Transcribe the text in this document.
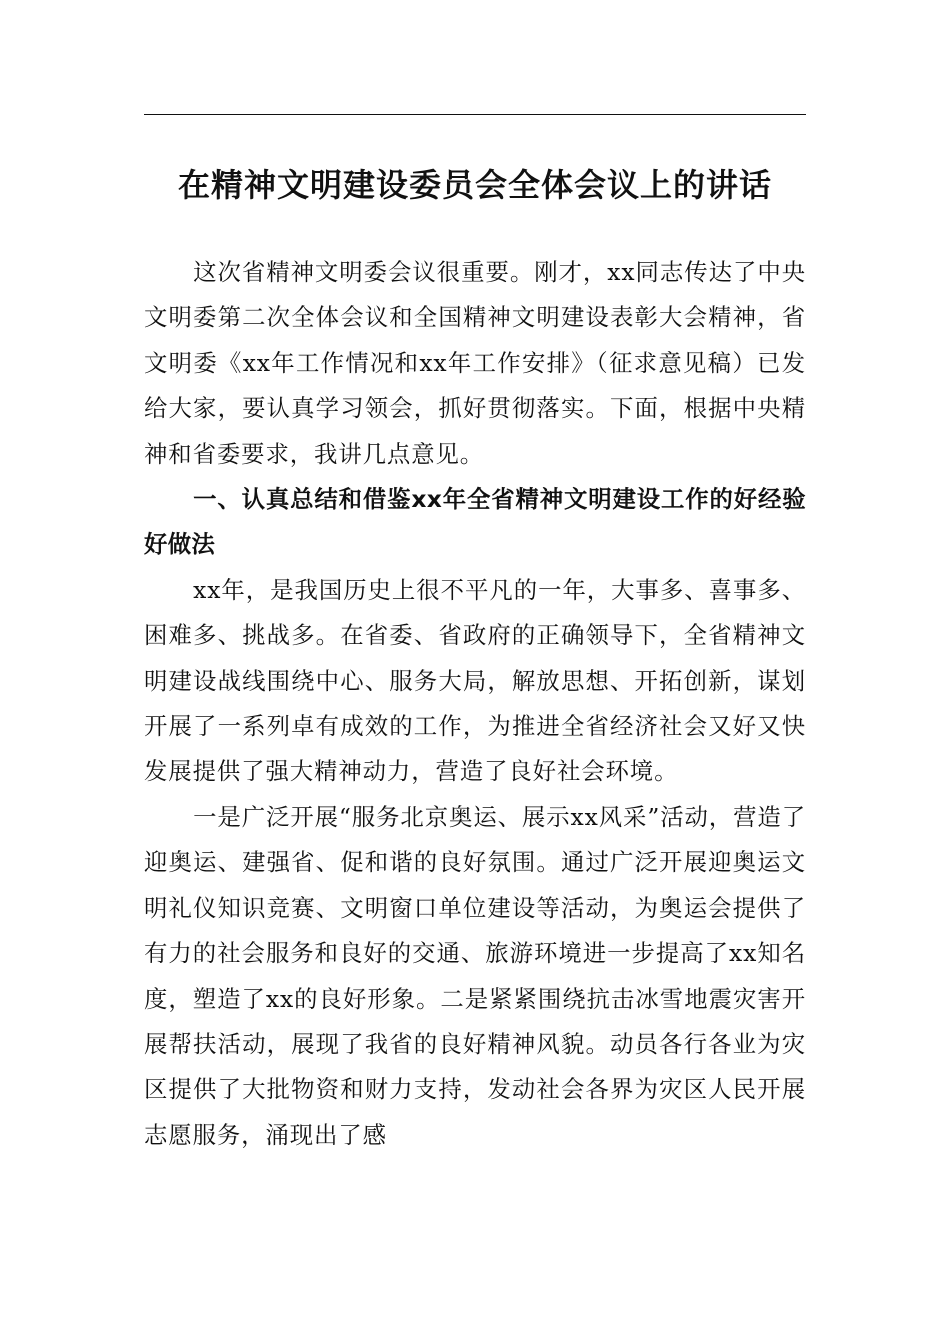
在精神文明建设委员会全体会议上的讲话

这次省精神文明委会议很重要。刚才，xx同志传达了中央文明委第二次全体会议和全国精神文明建设表彰大会精神，省文明委《xx年工作情况和xx年工作安排》（征求意见稿）已发给大家，要认真学习领会，抓好贯彻落实。下面，根据中央精神和省委要求，我讲几点意见。

一、认真总结和借鉴xx年全省精神文明建设工作的好经验好做法

xx年，是我国历史上很不平凡的一年，大事多、喜事多、困难多、挑战多。在省委、省政府的正确领导下，全省精神文明建设战线围绕中心、服务大局，解放思想、开拓创新，谋划开展了一系列卓有成效的工作，为推进全省经济社会又好又快发展提供了强大精神动力，营造了良好社会环境。

一是广泛开展“服务北京奥运、展示xx风采”活动，营造了迎奥运、建强省、促和谐的良好氛围。通过广泛开展迎奥运文明礼仪知识竞赛、文明窗口单位建设等活动，为奥运会提供了有力的社会服务和良好的交通、旅游环境进一步提高了xx知名度，塑造了xx的良好形象。二是紧紧围绕抗击冰雪地震灾害开展帮扶活动，展现了我省的良好精神风貌。动员各行各业为灾区提供了大批物资和财力支持，发动社会各界为灾区人民开展志愿服务，涌现出了感
